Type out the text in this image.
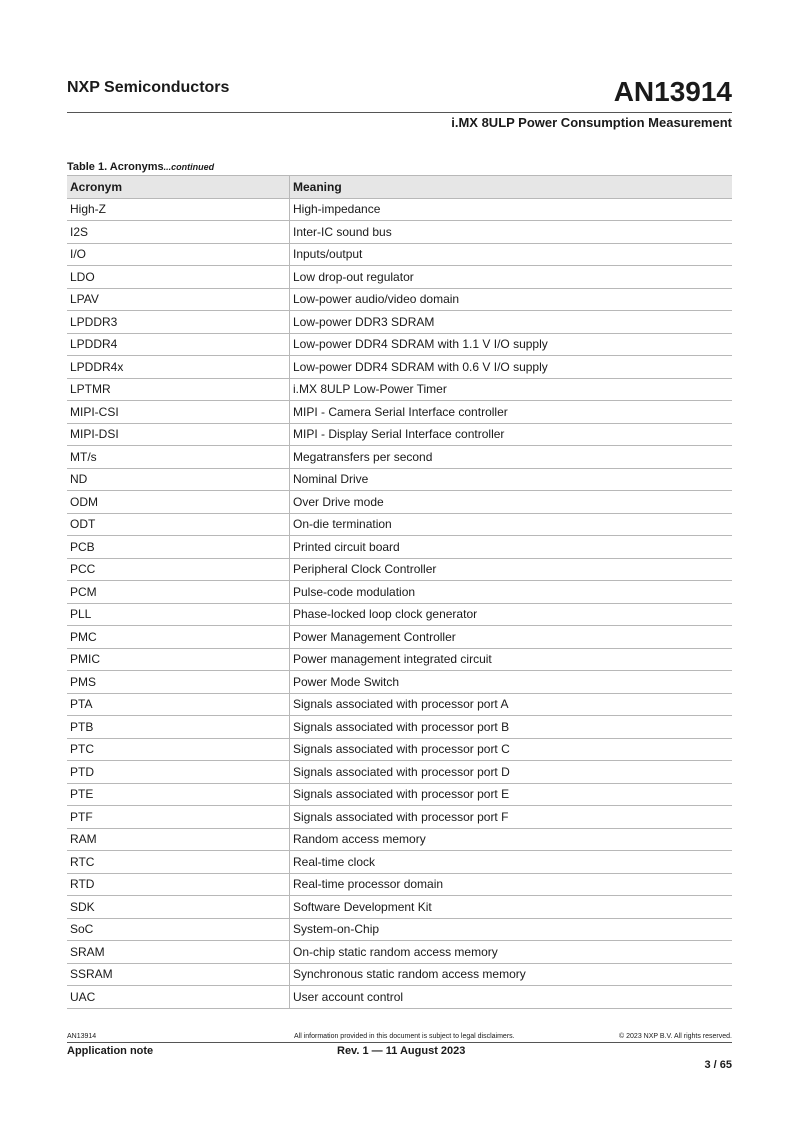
NXP Semiconductors	AN13914
i.MX 8ULP Power Consumption Measurement
Table 1. Acronyms...continued
Acronym	Meaning
High-Z	High-impedance
I2S	Inter-IC sound bus
I/O	Inputs/output
LDO	Low drop-out regulator
LPAV	Low-power audio/video domain
LPDDR3	Low-power DDR3 SDRAM
LPDDR4	Low-power DDR4 SDRAM with 1.1 V I/O supply
LPDDR4x	Low-power DDR4 SDRAM with 0.6 V I/O supply
LPTMR	i.MX 8ULP Low-Power Timer
MIPI-CSI	MIPI - Camera Serial Interface controller
MIPI-DSI	MIPI - Display Serial Interface controller
MT/s	Megatransfers per second
ND	Nominal Drive
ODM	Over Drive mode
ODT	On-die termination
PCB	Printed circuit board
PCC	Peripheral Clock Controller
PCM	Pulse-code modulation
PLL	Phase-locked loop clock generator
PMC	Power Management Controller
PMIC	Power management integrated circuit
PMS	Power Mode Switch
PTA	Signals associated with processor port A
PTB	Signals associated with processor port B
PTC	Signals associated with processor port C
PTD	Signals associated with processor port D
PTE	Signals associated with processor port E
PTF	Signals associated with processor port F
RAM	Random access memory
RTC	Real-time clock
RTD	Real-time processor domain
SDK	Software Development Kit
SoC	System-on-Chip
SRAM	On-chip static random access memory
SSRAM	Synchronous static random access memory
UAC	User account control
AN13914	All information provided in this document is subject to legal disclaimers.	© 2023 NXP B.V. All rights reserved.
Application note	Rev. 1 — 11 August 2023
3 / 65
